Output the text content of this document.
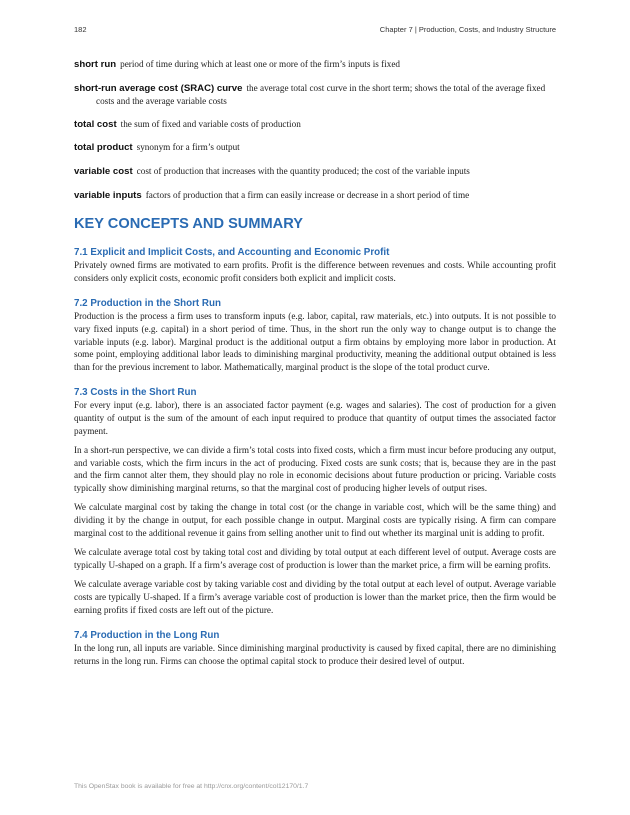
182	Chapter 7 | Production, Costs, and Industry Structure

short run period of time during which at least one or more of the firm’s inputs is fixed

short-run average cost (SRAC) curve the average total cost curve in the short term; shows the total of the average fixed costs and the average variable costs

total cost the sum of fixed and variable costs of production

total product synonym for a firm’s output

variable cost cost of production that increases with the quantity produced; the cost of the variable inputs

variable inputs factors of production that a firm can easily increase or decrease in a short period of time

KEY CONCEPTS AND SUMMARY
7.1 Explicit and Implicit Costs, and Accounting and Economic Profit

Privately owned firms are motivated to earn profits. Profit is the difference between revenues and costs. While accounting profit considers only explicit costs, economic profit considers both explicit and implicit costs.

7.2 Production in the Short Run

Production is the process a firm uses to transform inputs (e.g. labor, capital, raw materials, etc.) into outputs. It is not possible to vary fixed inputs (e.g. capital) in a short period of time. Thus, in the short run the only way to change output is to change the variable inputs (e.g. labor). Marginal product is the additional output a firm obtains by employing more labor in production. At some point, employing additional labor leads to diminishing marginal productivity, meaning the additional output obtained is less than for the previous increment to labor. Mathematically, marginal product is the slope of the total product curve.

7.3 Costs in the Short Run

For every input (e.g. labor), there is an associated factor payment (e.g. wages and salaries). The cost of production for a given quantity of output is the sum of the amount of each input required to produce that quantity of output times the associated factor payment.

In a short-run perspective, we can divide a firm’s total costs into fixed costs, which a firm must incur before producing any output, and variable costs, which the firm incurs in the act of producing. Fixed costs are sunk costs; that is, because they are in the past and the firm cannot alter them, they should play no role in economic decisions about future production or pricing. Variable costs typically show diminishing marginal returns, so that the marginal cost of producing higher levels of output rises.

We calculate marginal cost by taking the change in total cost (or the change in variable cost, which will be the same thing) and dividing it by the change in output, for each possible change in output. Marginal costs are typically rising. A firm can compare marginal cost to the additional revenue it gains from selling another unit to find out whether its marginal unit is adding to profit.

We calculate average total cost by taking total cost and dividing by total output at each different level of output. Average costs are typically U-shaped on a graph. If a firm’s average cost of production is lower than the market price, a firm will be earning profits.

We calculate average variable cost by taking variable cost and dividing by the total output at each level of output. Average variable costs are typically U-shaped. If a firm’s average variable cost of production is lower than the market price, then the firm would be earning profits if fixed costs are left out of the picture.

7.4 Production in the Long Run

In the long run, all inputs are variable. Since diminishing marginal productivity is caused by fixed capital, there are no diminishing returns in the long run. Firms can choose the optimal capital stock to produce their desired level of output.

This OpenStax book is available for free at http://cnx.org/content/col12170/1.7
